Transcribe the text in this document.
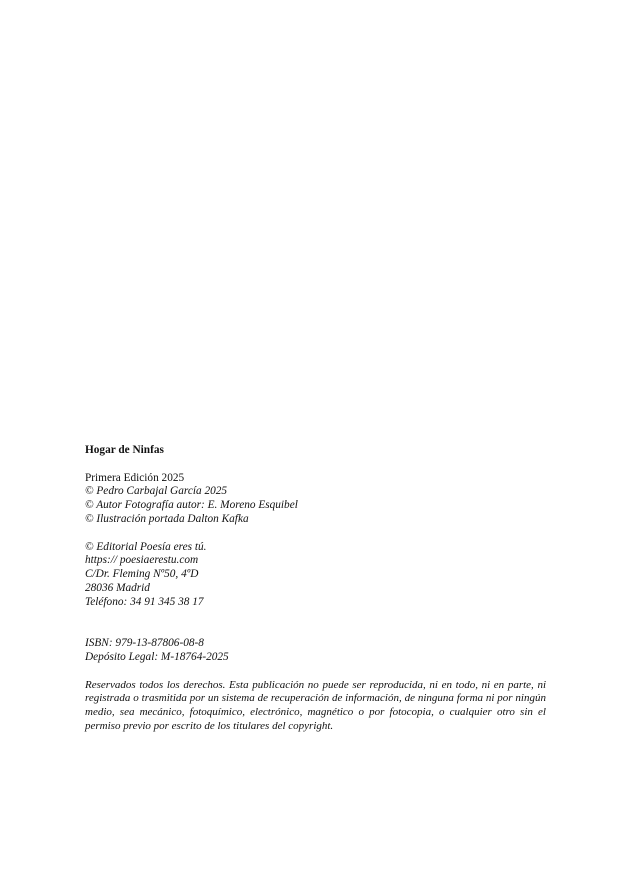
Hogar de Ninfas

Primera Edición 2025

© Pedro Carbajal García 2025

© Autor Fotografía autor: E. Moreno Esquibel

© Ilustración portada Dalton Kafka

© Editorial Poesía eres tú.

https:// poesiaerestu.com

C/Dr. Fleming Nº50, 4ºD

28036 Madrid

Teléfono: 34 91 345 38 17

ISBN: 979-13-87806-08-8

Depósito Legal: M-18764-2025

Reservados todos los derechos. Esta publicación no puede ser reproducida, ni en todo, ni en parte, ni registrada o trasmitida por un sistema de recuperación de información, de ninguna forma ni por ningún medio, sea mecánico, fotoquímico, electrónico, magnético o por fotocopia, o cualquier otro sin el permiso previo por escrito de los titulares del copyright.
